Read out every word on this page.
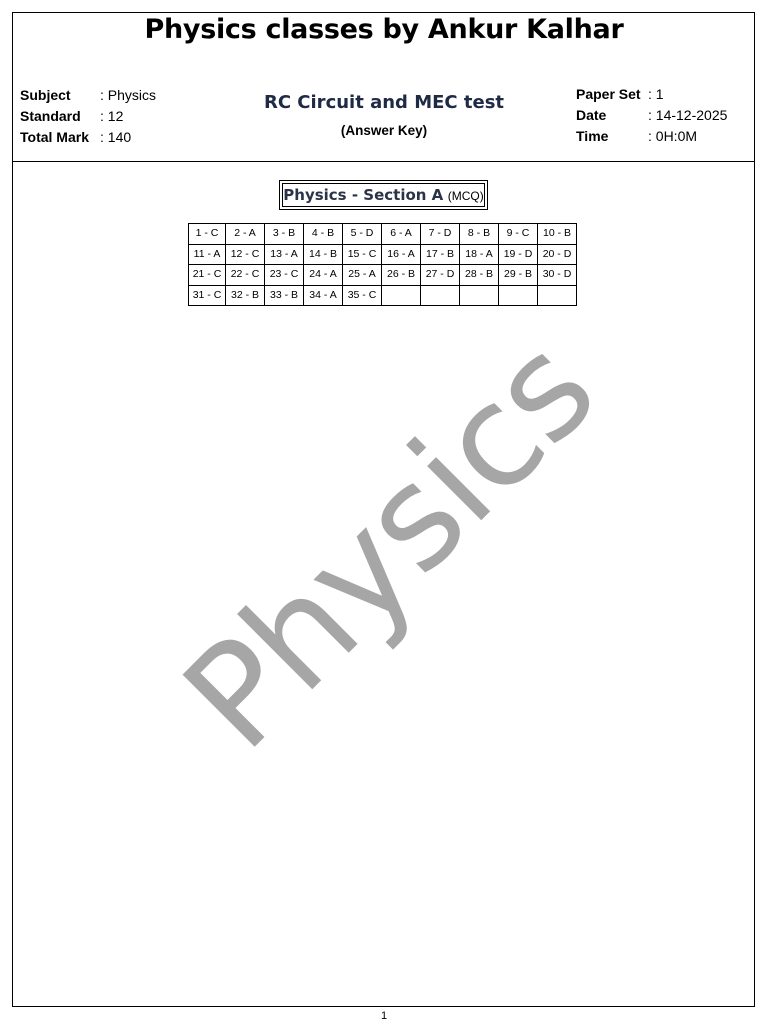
Physics classes by Ankur Kalhar
Subject	: Physics
Standard	: 12
Total Mark : 140
RC Circuit and MEC test
(Answer Key)
Paper Set : 1
Date	: 14-12-2025
Time	: 0H:0M
Physics - Section A (MCQ)
1 - C	2 - A	3 - B	4 - B	5 - D	6 - A	7 - D	8 - B	9 - C	10 - B
11 - A	12 - C	13 - A	14 - B	15 - C	16 - A	17 - B	18 - A	19 - D	20 - D
21 - C	22 - C	23 - C	24 - A	25 - A	26 - B	27 - D	28 - B	29 - B	30 - D
31 - C	32 - B	33 - B	34 - A	35 - C					
Physics
1
